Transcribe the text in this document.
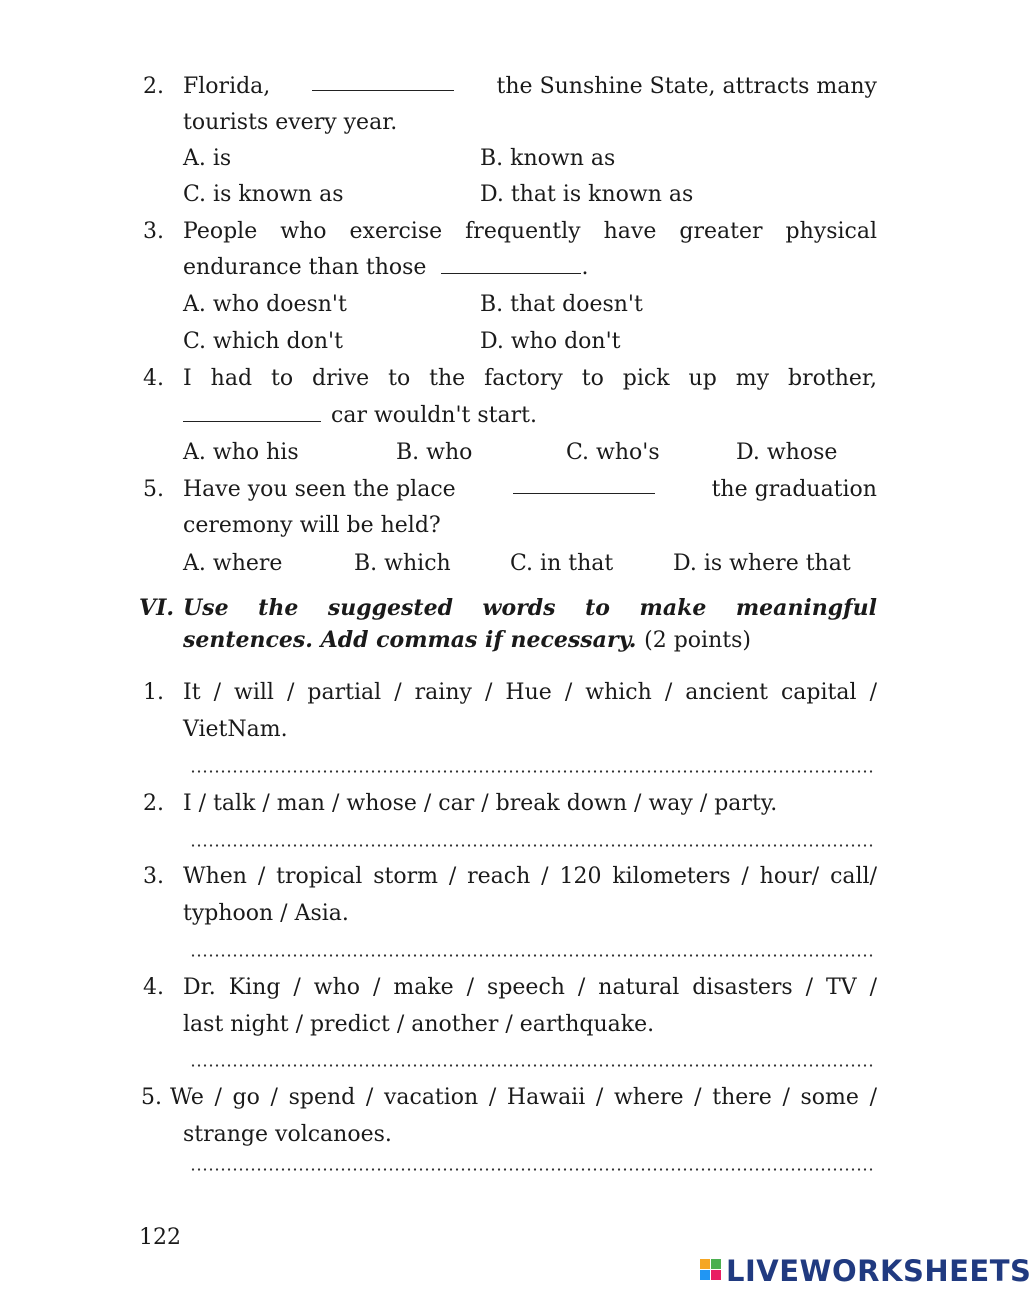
2. Florida,	the Sunshine State, attracts many
tourists every year.
A. is	B. known as
C. is known as	D. that is known as
3. People who exercise frequently have greater physical
endurance than those	.
A. who doesn't	B. that doesn't
C. which don't	D. who don't
4. I had to drive to the factory to pick up my brother,
car wouldn't start.
A. who his	B. who	C. who's	D. whose
5. Have you seen the place	the graduation
ceremony will be held?
A. where	B. which	C. in that	D. is where that
VI. Use the suggested words to make meaningful
sentences. Add commas if necessary. (2 points)
1. It / will / partial / rainy / Hue / which / ancient capital /
VietNam.
2. I / talk / man / whose / car / break down / way / party.
3. When / tropical storm / reach / 120 kilometers / hour/ call/
typhoon / Asia.
4. Dr. King / who / make / speech / natural disasters / TV /
last night / predict / another / earthquake.
5. We / go / spend / vacation / Hawaii / where / there / some /
strange volcanoes.
122
LIVEWORKSHEETS
